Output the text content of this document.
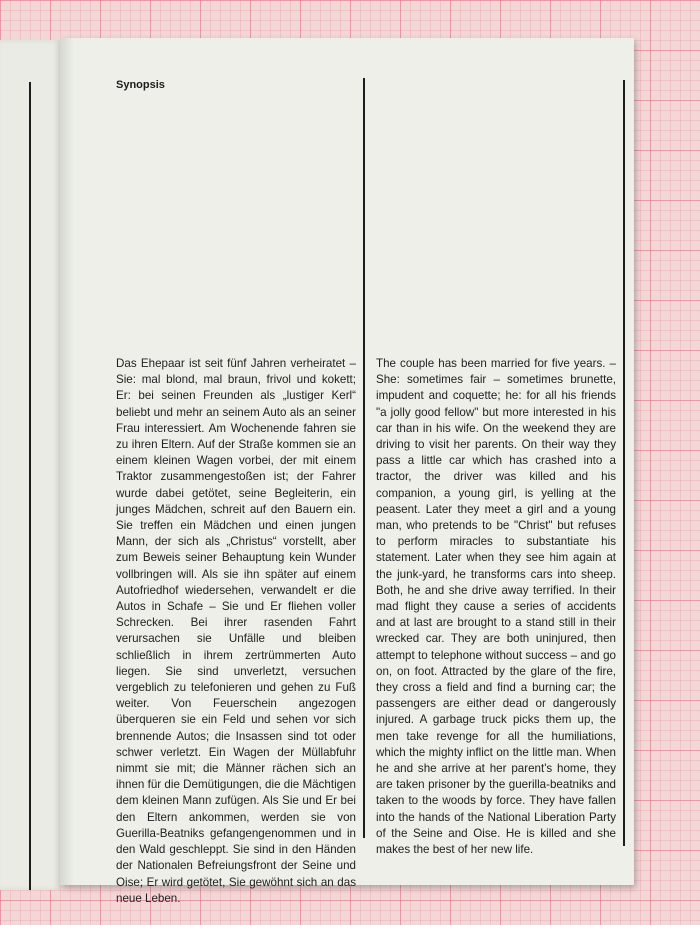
Synopsis

Das Ehepaar ist seit fünf Jahren verheiratet – Sie: mal blond, mal braun, frivol und kokett; Er: bei seinen Freunden als „lustiger Kerl“ beliebt und mehr an seinem Auto als an seiner Frau interessiert. Am Wochenende fahren sie zu ihren Eltern. Auf der Straße kommen sie an einem kleinen Wagen vorbei, der mit einem Traktor zusammengestoßen ist; der Fahrer wurde dabei getötet, seine Begleiterin, ein junges Mädchen, schreit auf den Bauern ein. Sie treffen ein Mädchen und einen jungen Mann, der sich als „Christus“ vorstellt, aber zum Beweis seiner Behauptung kein Wunder vollbringen will. Als sie ihn später auf einem Autofriedhof wiedersehen, verwandelt er die Autos in Schafe – Sie und Er fliehen voller Schrecken. Bei ihrer rasenden Fahrt verursachen sie Unfälle und bleiben schließlich in ihrem zertrümmerten Auto liegen. Sie sind unverletzt, versuchen vergeblich zu telefonieren und gehen zu Fuß weiter. Von Feuerschein angezogen überqueren sie ein Feld und sehen vor sich brennende Autos; die Insassen sind tot oder schwer verletzt. Ein Wagen der Müllabfuhr nimmt sie mit; die Männer rächen sich an ihnen für die Demütigungen, die die Mächtigen dem kleinen Mann zufügen. Als Sie und Er bei den Eltern ankommen, werden sie von Guerilla-Beatniks gefangengenommen und in den Wald geschleppt. Sie sind in den Händen der Nationalen Befreiungsfront der Seine und Oise; Er wird getötet, Sie gewöhnt sich an das neue Leben.

The couple has been married for five years. – She: sometimes fair – sometimes brunette, impudent and coquette; he: for all his friends "a jolly good fellow" but more interested in his car than in his wife. On the weekend they are driving to visit her parents. On their way they pass a little car which has crashed into a tractor, the driver was killed and his companion, a young girl, is yelling at the peasent. Later they meet a girl and a young man, who pretends to be "Christ" but refuses to perform miracles to substantiate his statement. Later when they see him again at the junk-yard, he transforms cars into sheep. Both, he and she drive away terrified. In their mad flight they cause a series of accidents and at last are brought to a stand still in their wrecked car. They are both uninjured, then attempt to telephone without success – and go on, on foot. Attracted by the glare of the fire, they cross a field and find a burning car; the passengers are either dead or dangerously injured. A garbage truck picks them up, the men take revenge for all the humiliations, which the mighty inflict on the little man. When he and she arrive at her parent's home, they are taken prisoner by the guerilla-beatniks and taken to the woods by force. They have fallen into the hands of the National Liberation Party of the Seine and Oise. He is killed and she makes the best of her new life.
